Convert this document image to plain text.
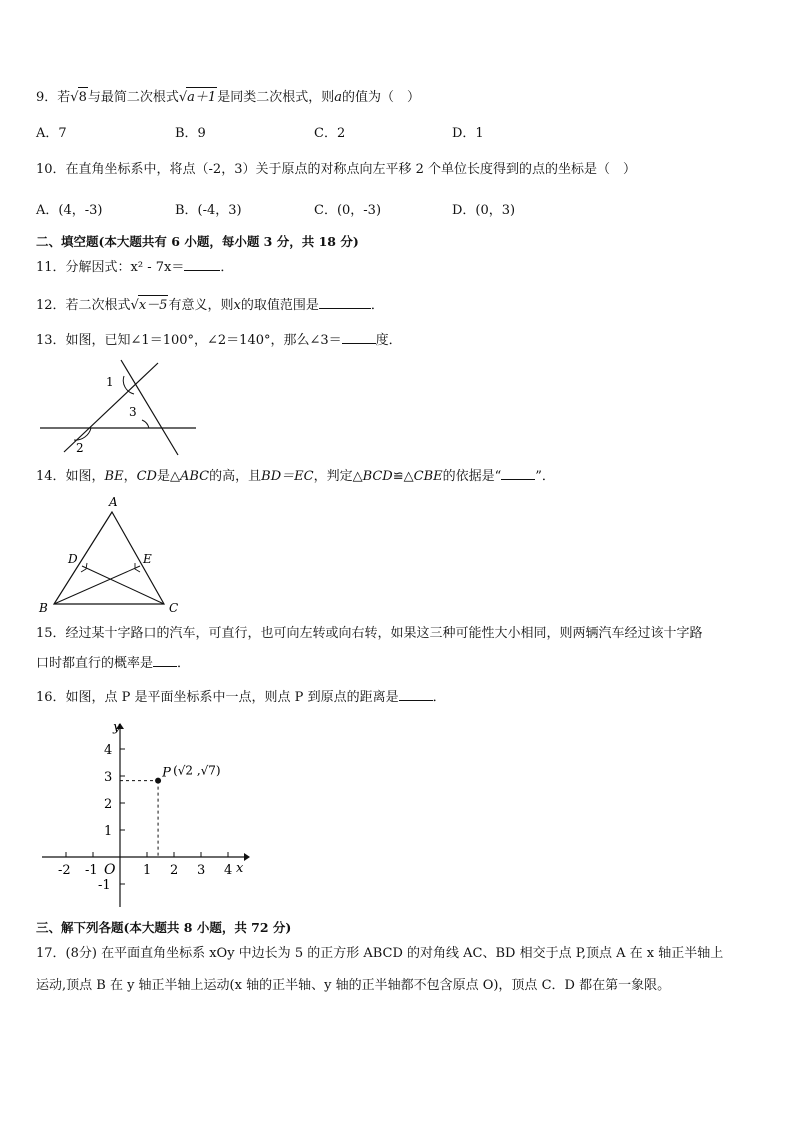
9．若√8与最简二次根式√a＋1是同类二次根式，则a的值为（　）
A．7	B．9	C．2	D．1
10．在直角坐标系中，将点（-2，3）关于原点的对称点向左平移 2 个单位长度得到的点的坐标是（　）
A．(4，-3)	B．(-4，3)	C．(0，-3)	D．(0，3)
二、填空题(本大题共有 6 小题，每小题 3 分，共 18 分)
11．分解因式：x² - 7x＝	．
12．若二次根式√x－5有意义，则x的取值范围是	．
13．如图，已知∠1＝100°，∠2＝140°，那么∠3＝	度．
1
3
2
14．如图，BE，CD是△ABC的高，且BD＝EC，判定△BCD≌△CBE的依据是“	”．
A
D	E
B	C
15．经过某十字路口的汽车，可直行，也可向左转或向右转，如果这三种可能性大小相同，则两辆汽车经过该十字路
口时都直行的概率是 ．
16．如图，点 P 是平面坐标系中一点，则点 P 到原点的距离是	．
-2 -1	1 2 3 4
4
3
2
1
-1
y
x
O
P (√2 ,√7)
三、解下列各题(本大题共 8 小题，共 72 分)
17．(8分) 在平面直角坐标系 xOy 中边长为 5 的正方形 ABCD 的对角线 AC、BD 相交于点 P,顶点 A 在 x 轴正半轴上
运动,顶点 B 在 y 轴正半轴上运动(x 轴的正半轴、y 轴的正半轴都不包含原点 O)，顶点 C．D 都在第一象限。
